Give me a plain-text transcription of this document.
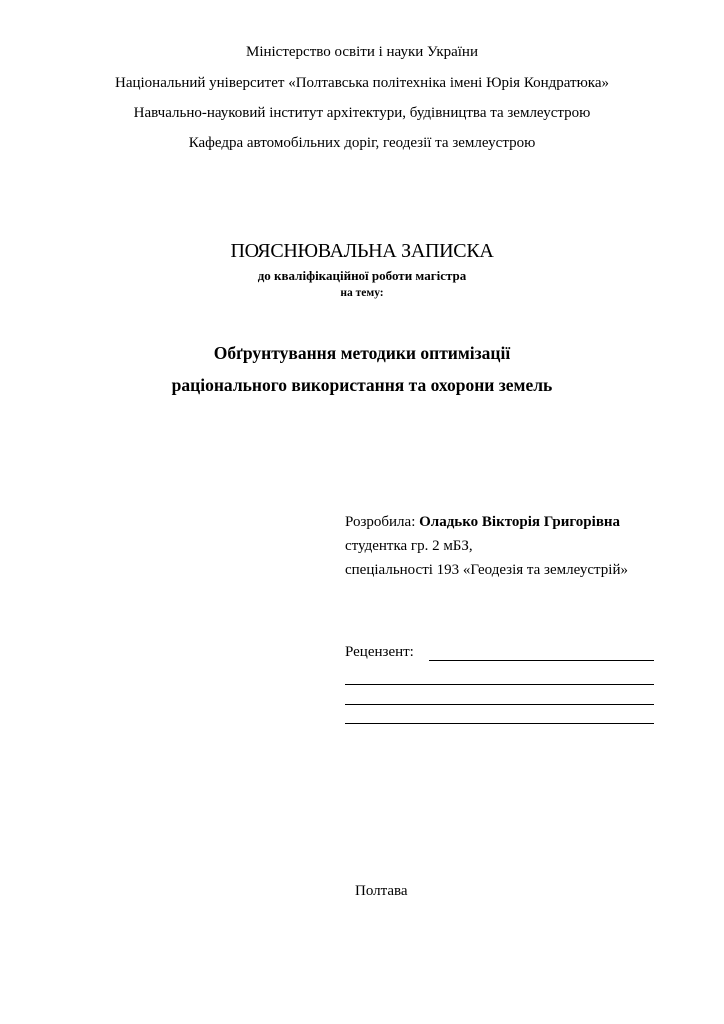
Міністерство освіти і науки України
Національний університет «Полтавська політехніка імені Юрія Кондратюка»
Навчально-науковий інститут архітектури, будівництва та землеустрою
Кафедра автомобільних доріг, геодезії та землеустрою
ПОЯСНЮВАЛЬНА ЗАПИСКА
до кваліфікаційної роботи магістра
на тему:
Обґрунтування методики оптимізації
раціонального використання та охорони земель
Розробила: Оладько Вікторія Григорівна
студентка гр. 2 мБЗ,
спеціальності 193 «Геодезія та землеустрій»
Рецензент:
Полтава
